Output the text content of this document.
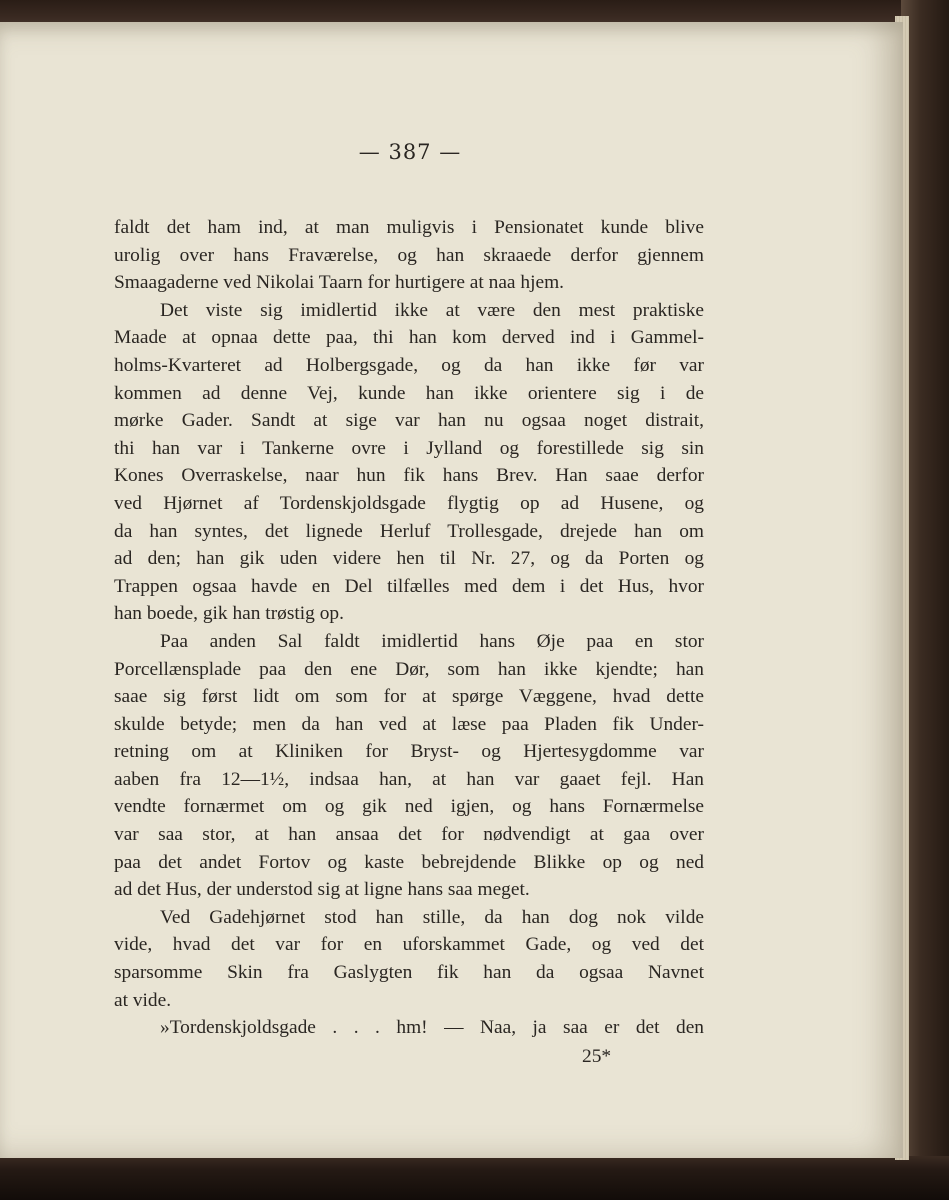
— 387 —
faldt det ham ind, at man muligvis i Pensionatet kunde blive
urolig over hans Fraværelse, og han skraaede derfor gjennem
Smaagaderne ved Nikolai Taarn for hurtigere at naa hjem.
Det viste sig imidlertid ikke at være den mest praktiske
Maade at opnaa dette paa, thi han kom derved ind i Gammel-
holms-Kvarteret ad Holbergsgade, og da han ikke før var
kommen ad denne Vej, kunde han ikke orientere sig i de
mørke Gader. Sandt at sige var han nu ogsaa noget distrait,
thi han var i Tankerne ovre i Jylland og forestillede sig sin
Kones Overraskelse, naar hun fik hans Brev. Han saae derfor
ved Hjørnet af Tordenskjoldsgade flygtig op ad Husene, og
da han syntes, det lignede Herluf Trollesgade, drejede han om
ad den; han gik uden videre hen til Nr. 27, og da Porten og
Trappen ogsaa havde en Del tilfælles med dem i det Hus, hvor
han boede, gik han trøstig op.
Paa anden Sal faldt imidlertid hans Øje paa en stor
Porcellænsplade paa den ene Dør, som han ikke kjendte; han
saae sig først lidt om som for at spørge Væggene, hvad dette
skulde betyde; men da han ved at læse paa Pladen fik Under-
retning om at Kliniken for Bryst- og Hjertesygdomme var
aaben fra 12—1½, indsaa han, at han var gaaet fejl. Han
vendte fornærmet om og gik ned igjen, og hans Fornærmelse
var saa stor, at han ansaa det for nødvendigt at gaa over
paa det andet Fortov og kaste bebrejdende Blikke op og ned
ad det Hus, der understod sig at ligne hans saa meget.
Ved Gadehjørnet stod han stille, da han dog nok vilde
vide, hvad det var for en uforskammet Gade, og ved det
sparsomme Skin fra Gaslygten fik han da ogsaa Navnet
at vide.
»Tordenskjoldsgade . . . hm! — Naa, ja saa er det den
25*
